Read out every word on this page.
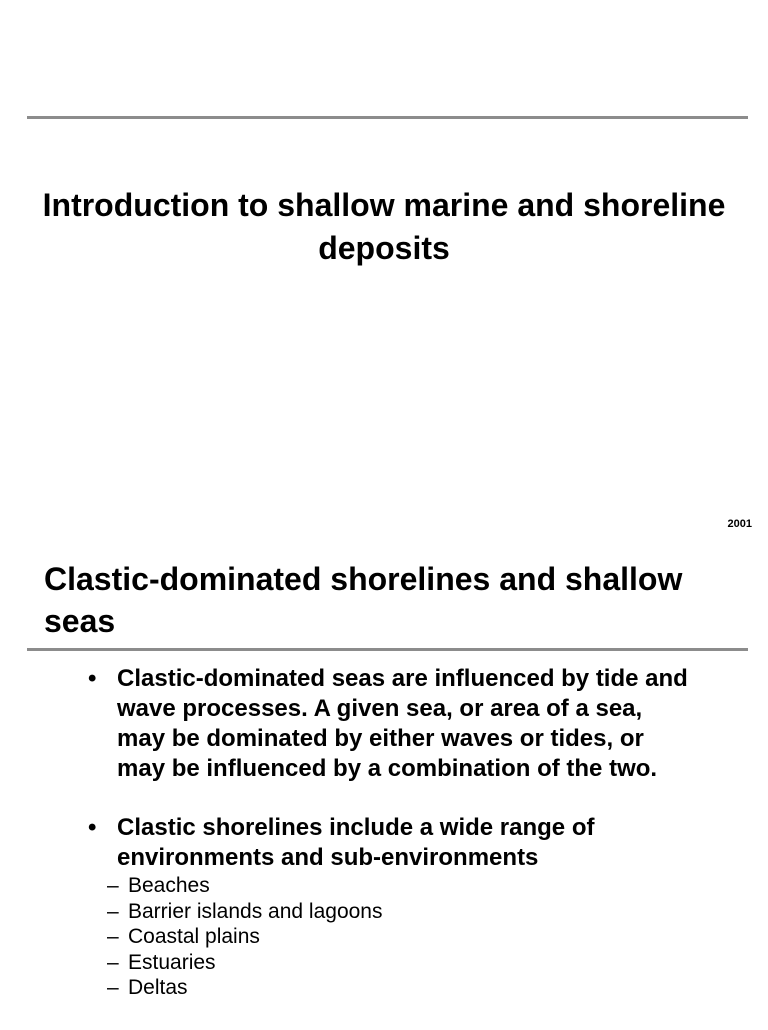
Introduction to shallow marine and shoreline deposits
2001
Clastic-dominated shorelines and shallow seas
• Clastic-dominated seas are influenced by tide and wave processes. A given sea, or area of a sea, may be dominated by either waves or tides, or may be influenced by a combination of the two.
• Clastic shorelines include a wide range of environments and sub-environments
– Beaches
– Barrier islands and lagoons
– Coastal plains
– Estuaries
– Deltas
